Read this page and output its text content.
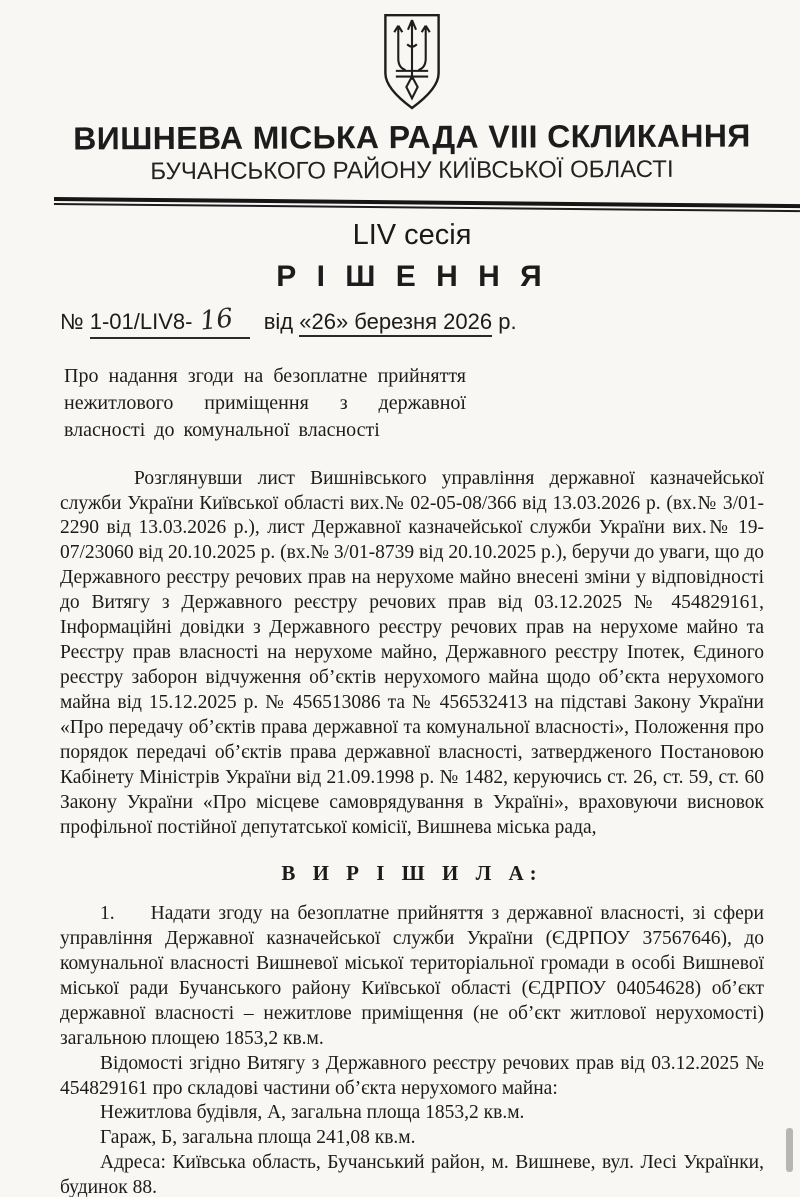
ВИШНЕВА МІСЬКА РАДА VIII СКЛИКАННЯ
БУЧАНСЬКОГО РАЙОНУ КИЇВСЬКОЇ ОБЛАСТІ
LIV сесія
Р І Ш Е Н Н Я
№ 1-01/LIV8- 16 від «26» березня 2026 р.

Про надання згоди на безоплатне прийняття нежитлового приміщення з державної власності до комунальної власності

Розглянувши лист Вишнівського управління державної казначейської служби України Київської області вих.№ 02-05-08/366 від 13.03.2026 р. (вх.№ 3/01-2290 від 13.03.2026 р.), лист Державної казначейської служби України вих.№ 19-07/23060 від 20.10.2025 р. (вх.№ 3/01-8739 від 20.10.2025 р.), беручи до уваги, що до Державного реєстру речових прав на нерухоме майно внесені зміни у відповідності до Витягу з Державного реєстру речових прав від 03.12.2025 № 454829161, Інформаційні довідки з Державного реєстру речових прав на нерухоме майно та Реєстру прав власності на нерухоме майно, Державного реєстру Іпотек, Єдиного реєстру заборон відчуження об’єктів нерухомого майна щодо об’єкта нерухомого майна від 15.12.2025 р. № 456513086 та № 456532413 на підставі Закону України «Про передачу об’єктів права державної та комунальної власності», Положення про порядок передачі об’єктів права державної власності, затвердженого Постановою Кабінету Міністрів України від 21.09.1998 р. № 1482, керуючись ст. 26, ст. 59, ст. 60 Закону України «Про місцеве самоврядування в Україні», враховуючи висновок профільної постійної депутатської комісії, Вишнева міська рада,

В И Р І Ш И Л А:

1. Надати згоду на безоплатне прийняття з державної власності, зі сфери управління Державної казначейської служби України (ЄДРПОУ 37567646), до комунальної власності Вишневої міської територіальної громади в особі Вишневої міської ради Бучанського району Київської області (ЄДРПОУ 04054628) об’єкт державної власності – нежитлове приміщення (не об’єкт житлової нерухомості) загальною площею 1853,2 кв.м.

Відомості згідно Витягу з Державного реєстру речових прав від 03.12.2025 № 454829161 про складові частини об’єкта нерухомого майна:

Нежитлова будівля, А, загальна площа 1853,2 кв.м.

Гараж, Б, загальна площа 241,08 кв.м.

Адреса: Київська область, Бучанський район, м. Вишневе, вул. Лесі Українки, будинок 88.
